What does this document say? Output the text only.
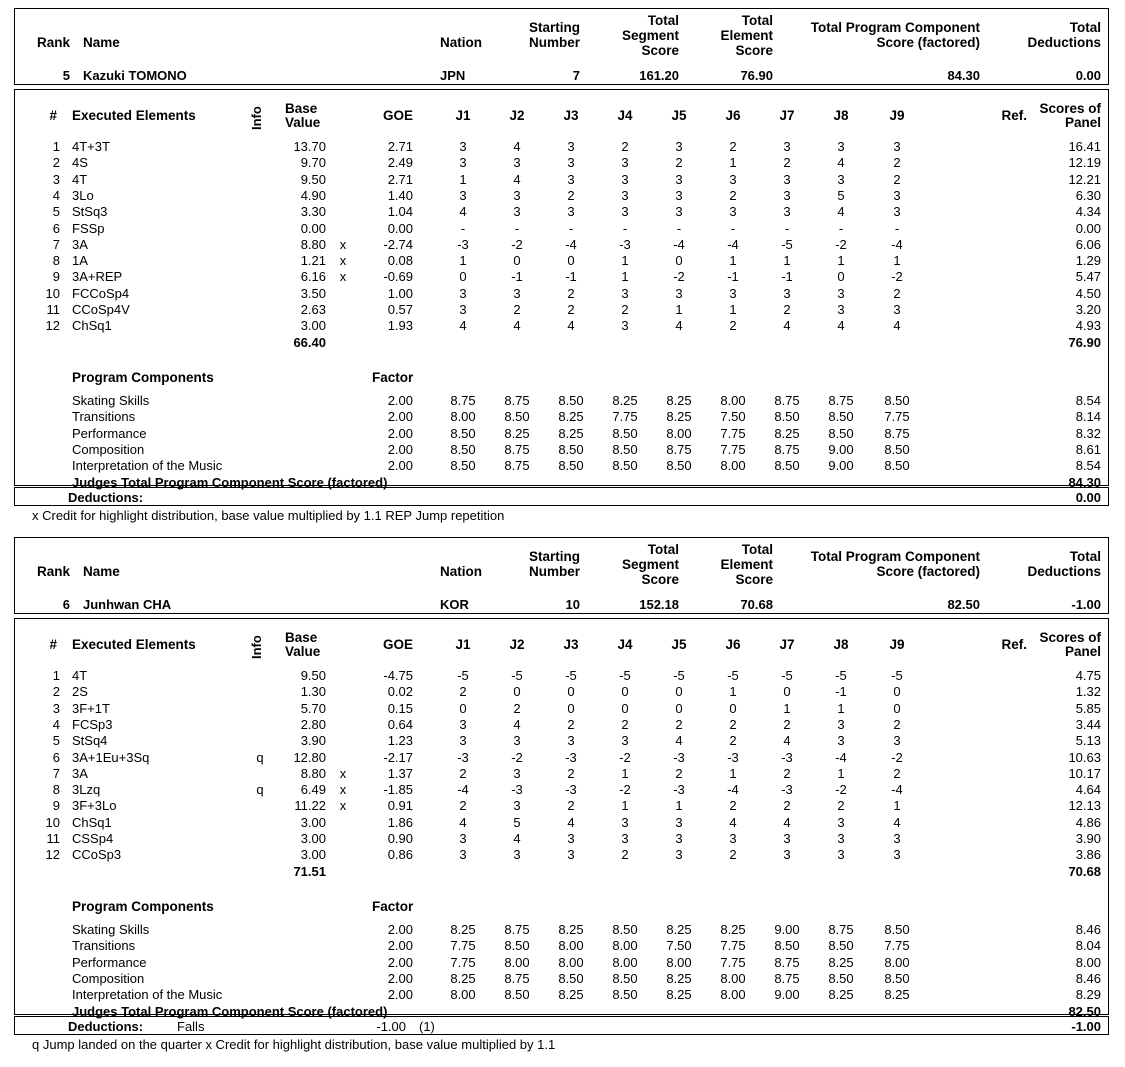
Rank Name	Nation
Starting
Number
Total
Segment
Score
Total
Element
Score
Total Program Component
Score (factored)
Total
Deductions
5 Kazuki TOMONO	JPN	7	161.20	76.90	84.30	0.00
# Executed Elements	Info Base
Value	GOE	J1	J2	J3	J4	J5	J6	J7	J8	J9	Ref. Scores of
Panel
1 4T+3T	13.70	2.71	3	4	3	2	3	2	3	3	3	16.41
2 4S	9.70	2.49	3	3	3	3	2	1	2	4	2	12.19
3 4T	9.50	2.71	1	4	3	3	3	3	3	3	2	12.21
4 3Lo	4.90	1.40	3	3	2	3	3	2	3	5	3	6.30
5 StSq3	3.30	1.04	4	3	3	3	3	3	3	4	3	4.34
6 FSSp	0.00	0.00	-	-	-	-	-	-	-	-	-	0.00
7 3A	8.80	x	-2.74	-3	-2	-4	-3	-4	-4	-5	-2	-4	6.06
8 1A	1.21	x	0.08	1	0	0	1	0	1	1	1	1	1.29
9 3A+REP	6.16	x	-0.69	0	-1	-1	1	-2	-1	-1	0	-2	5.47
10 FCCoSp4	3.50	1.00	3	3	2	3	3	3	3	3	2	4.50
11 CCoSp4V	2.63	0.57	3	2	2	2	1	1	2	3	3	3.20
12 ChSq1	3.00	1.93	4	4	4	3	4	2	4	4	4	4.93
66.40	76.90
Program Components	Factor
Skating Skills	2.00	8.75	8.75	8.50	8.25	8.25	8.00	8.75	8.75	8.50	8.54
Transitions	2.00	8.00	8.50	8.25	7.75	8.25	7.50	8.50	8.50	7.75	8.14
Performance	2.00	8.50	8.25	8.25	8.50	8.00	7.75	8.25	8.50	8.75	8.32
Composition	2.00	8.50	8.75	8.50	8.50	8.75	7.75	8.75	9.00	8.50	8.61
Interpretation of the Music	2.00	8.50	8.75	8.50	8.50	8.50	8.00	8.50	9.00	8.50	8.54
Judges Total Program Component Score (factored)	84.30
Deductions:	0.00
x Credit for highlight distribution, base value multiplied by 1.1 REP Jump repetition
Rank Name	Nation
Starting
Number
Total
Segment
Score
Total
Element
Score
Total Program Component
Score (factored)
Total
Deductions
6 Junhwan CHA	KOR	10	152.18	70.68	82.50	-1.00
# Executed Elements	Info Base
Value	GOE	J1	J2	J3	J4	J5	J6	J7	J8	J9	Ref. Scores of
Panel
1 4T	9.50	-4.75	-5	-5	-5	-5	-5	-5	-5	-5	-5	4.75
2 2S	1.30	0.02	2	0	0	0	0	1	0	-1	0	1.32
3 3F+1T	5.70	0.15	0	2	0	0	0	0	1	1	0	5.85
4 FCSp3	2.80	0.64	3	4	2	2	2	2	2	3	2	3.44
5 StSq4	3.90	1.23	3	3	3	3	4	2	4	3	3	5.13
6 3A+1Eu+3Sq	q	12.80	-2.17	-3	-2	-3	-2	-3	-3	-3	-4	-2	10.63
7 3A	8.80	x	1.37	2	3	2	1	2	1	2	1	2	10.17
8 3Lzq	q	6.49	x	-1.85	-4	-3	-3	-2	-3	-4	-3	-2	-4	4.64
9 3F+3Lo	11.22	x	0.91	2	3	2	1	1	2	2	2	1	12.13
10 ChSq1	3.00	1.86	4	5	4	3	3	4	4	3	4	4.86
11 CSSp4	3.00	0.90	3	4	3	3	3	3	3	3	3	3.90
12 CCoSp3	3.00	0.86	3	3	3	2	3	2	3	3	3	3.86
71.51	70.68
Program Components	Factor
Skating Skills	2.00	8.25	8.75	8.25	8.50	8.25	8.25	9.00	8.75	8.50	8.46
Transitions	2.00	7.75	8.50	8.00	8.00	7.50	7.75	8.50	8.50	7.75	8.04
Performance	2.00	7.75	8.00	8.00	8.00	8.00	7.75	8.75	8.25	8.00	8.00
Composition	2.00	8.25	8.75	8.50	8.50	8.25	8.00	8.75	8.50	8.50	8.46
Interpretation of the Music	2.00	8.00	8.50	8.25	8.50	8.25	8.00	9.00	8.25	8.25	8.29
Judges Total Program Component Score (factored)	82.50
Deductions:	Falls	-1.00 (1)	-1.00
q Jump landed on the quarter x Credit for highlight distribution, base value multiplied by 1.1
